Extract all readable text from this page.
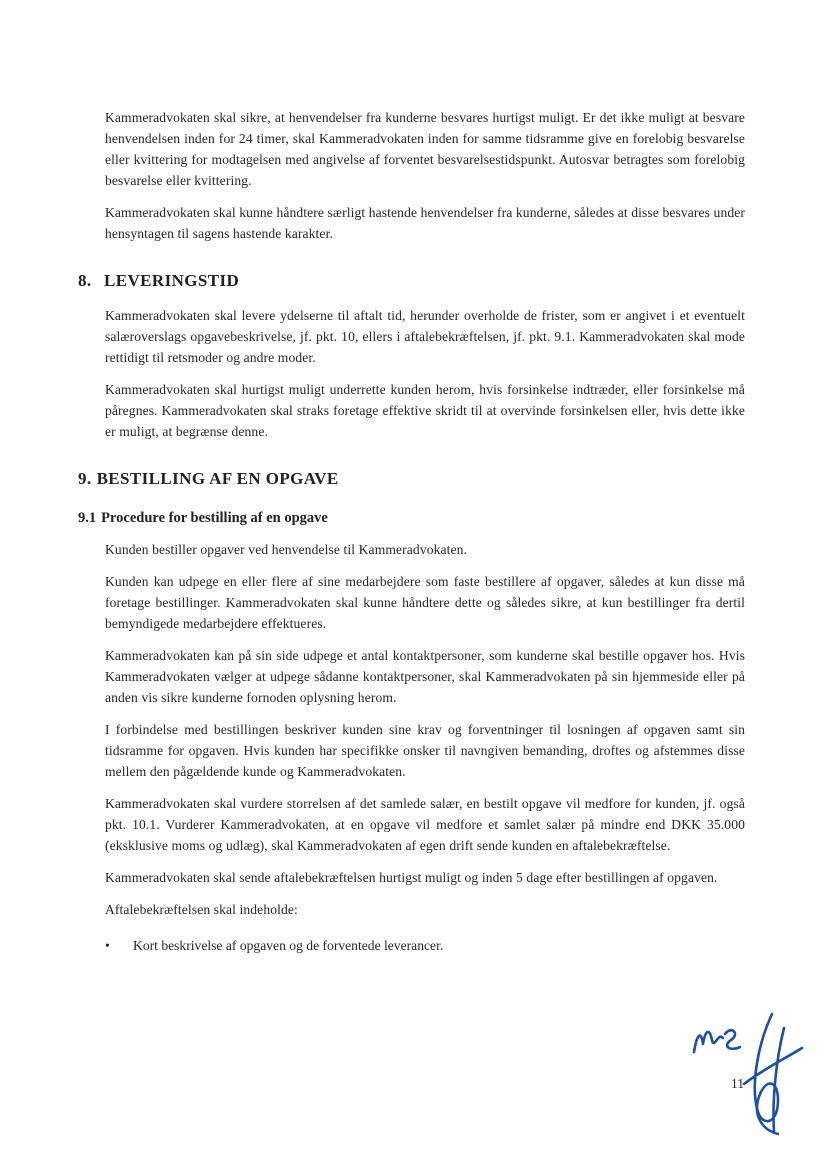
Kammeradvokaten skal sikre, at henvendelser fra kunderne besvares hurtigst muligt. Er det ikke muligt at besvare henvendelsen inden for 24 timer, skal Kammeradvokaten inden for samme tidsramme give en forelobig besvarelse eller kvittering for modtagelsen med angivelse af forventet besvarelsestidspunkt. Autosvar betragtes som forelobig besvarelse eller kvittering.

Kammeradvokaten skal kunne håndtere særligt hastende henvendelser fra kunderne, således at disse besvares under hensyntagen til sagens hastende karakter.

8. LEVERINGSTID

Kammeradvokaten skal levere ydelserne til aftalt tid, herunder overholde de frister, som er angivet i et eventuelt salæroverslags opgavebeskrivelse, jf. pkt. 10, ellers i aftalebekræftelsen, jf. pkt. 9.1. Kammeradvokaten skal mode rettidigt til retsmoder og andre moder.

Kammeradvokaten skal hurtigst muligt underrette kunden herom, hvis forsinkelse indtræder, eller forsinkelse må påregnes. Kammeradvokaten skal straks foretage effektive skridt til at overvinde forsinkelsen eller, hvis dette ikke er muligt, at begrænse denne.

9. BESTILLING AF EN OPGAVE
9.1 Procedure for bestilling af en opgave

Kunden bestiller opgaver ved henvendelse til Kammeradvokaten.

Kunden kan udpege en eller flere af sine medarbejdere som faste bestillere af opgaver, således at kun disse må foretage bestillinger. Kammeradvokaten skal kunne håndtere dette og således sikre, at kun bestillinger fra dertil bemyndigede medarbejdere effektueres.

Kammeradvokaten kan på sin side udpege et antal kontaktpersoner, som kunderne skal bestille opgaver hos. Hvis Kammeradvokaten vælger at udpege sådanne kontaktpersoner, skal Kammeradvokaten på sin hjemmeside eller på anden vis sikre kunderne fornoden oplysning herom.

I forbindelse med bestillingen beskriver kunden sine krav og forventninger til losningen af opgaven samt sin tidsramme for opgaven. Hvis kunden har specifikke onsker til navngiven bemanding, droftes og afstemmes disse mellem den pågældende kunde og Kammeradvokaten.

Kammeradvokaten skal vurdere storrelsen af det samlede salær, en bestilt opgave vil medfore for kunden, jf. også pkt. 10.1. Vurderer Kammeradvokaten, at en opgave vil medfore et samlet salær på mindre end DKK 35.000 (eksklusive moms og udlæg), skal Kammeradvokaten af egen drift sende kunden en aftalebekræftelse.

Kammeradvokaten skal sende aftalebekræftelsen hurtigst muligt og inden 5 dage efter bestillingen af opgaven.

Aftalebekræftelsen skal indeholde:

•	Kort beskrivelse af opgaven og de forventede leverancer.
11
